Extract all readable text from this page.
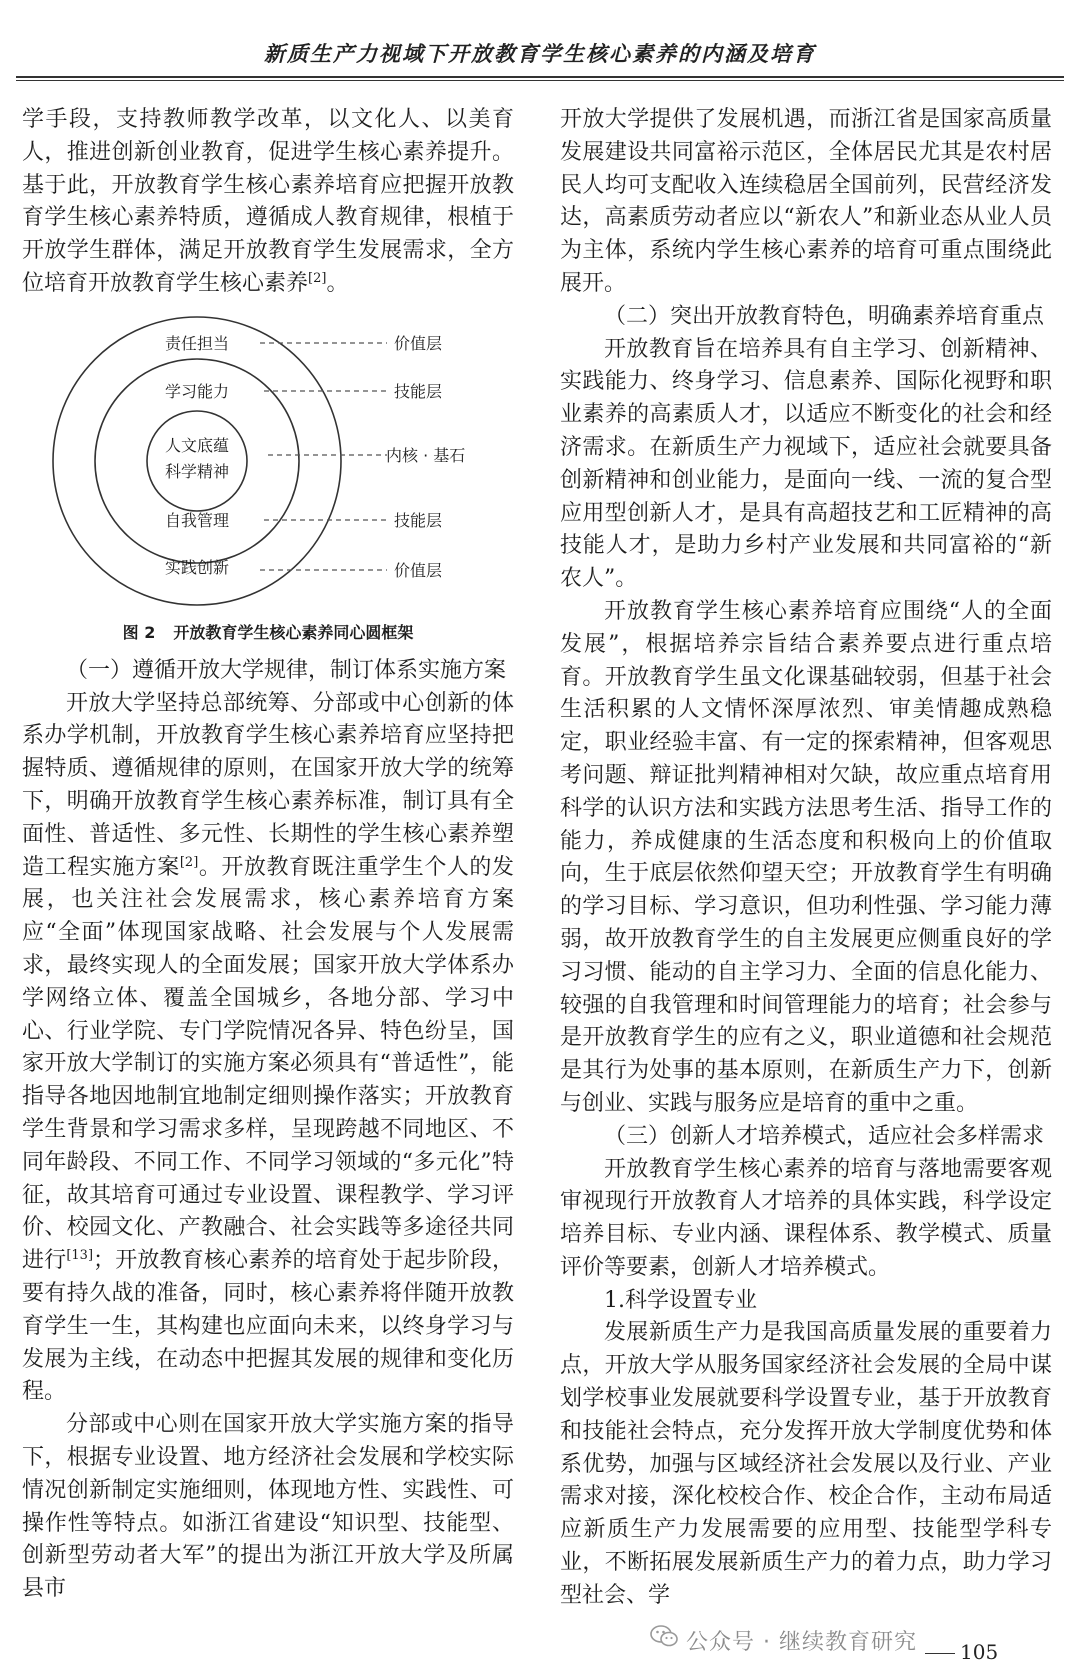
新质生产力视域下开放教育学生核心素养的内涵及培育

学手段，支持教师教学改革，以文化人、以美育人，推进创新创业教育，促进学生核心素养提升。基于此，开放教育学生核心素养培育应把握开放教育学生核心素养特质，遵循成人教育规律，根植于开放学生群体，满足开放教育学生发展需求，全方位培育开放教育学生核心素养[2]。

责任担当
学习能力
人文底蕴
科学精神
自我管理
实践创新
价值层
技能层
内核 · 基石
技能层
价值层

图 2 开放教育学生核心素养同心圆框架

（一）遵循开放大学规律，制订体系实施方案

开放大学坚持总部统筹、分部或中心创新的体系办学机制，开放教育学生核心素养培育应坚持把握特质、遵循规律的原则，在国家开放大学的统筹下，明确开放教育学生核心素养标准，制订具有全面性、普适性、多元性、长期性的学生核心素养塑造工程实施方案[2]。开放教育既注重学生个人的发展，也关注社会发展需求，核心素养培育方案应“全面”体现国家战略、社会发展与个人发展需求，最终实现人的全面发展；国家开放大学体系办学网络立体、覆盖全国城乡，各地分部、学习中心、行业学院、专门学院情况各异、特色纷呈，国家开放大学制订的实施方案必须具有“普适性”，能指导各地因地制宜地制定细则操作落实；开放教育学生背景和学习需求多样，呈现跨越不同地区、不同年龄段、不同工作、不同学习领域的“多元化”特征，故其培育可通过专业设置、课程教学、学习评价、校园文化、产教融合、社会实践等多途径共同进行[13]；开放教育核心素养的培育处于起步阶段，要有持久战的准备，同时，核心素养将伴随开放教育学生一生，其构建也应面向未来，以终身学习与发展为主线，在动态中把握其发展的规律和变化历程。

分部或中心则在国家开放大学实施方案的指导下，根据专业设置、地方经济社会发展和学校实际情况创新制定实施细则，体现地方性、实践性、可操作性等特点。如浙江省建设“知识型、技能型、创新型劳动者大军”的提出为浙江开放大学及所属县市

开放大学提供了发展机遇，而浙江省是国家高质量发展建设共同富裕示范区，全体居民尤其是农村居民人均可支配收入连续稳居全国前列，民营经济发达，高素质劳动者应以“新农人”和新业态从业人员为主体，系统内学生核心素养的培育可重点围绕此展开。

（二）突出开放教育特色，明确素养培育重点

开放教育旨在培养具有自主学习、创新精神、实践能力、终身学习、信息素养、国际化视野和职业素养的高素质人才，以适应不断变化的社会和经济需求。在新质生产力视域下，适应社会就要具备创新精神和创业能力，是面向一线、一流的复合型应用型创新人才，是具有高超技艺和工匠精神的高技能人才，是助力乡村产业发展和共同富裕的“新农人”。

开放教育学生核心素养培育应围绕“人的全面发展”，根据培养宗旨结合素养要点进行重点培育。开放教育学生虽文化课基础较弱，但基于社会生活积累的人文情怀深厚浓烈、审美情趣成熟稳定，职业经验丰富、有一定的探索精神，但客观思考问题、辩证批判精神相对欠缺，故应重点培育用科学的认识方法和实践方法思考生活、指导工作的能力，养成健康的生活态度和积极向上的价值取向，生于底层依然仰望天空；开放教育学生有明确的学习目标、学习意识，但功利性强、学习能力薄弱，故开放教育学生的自主发展更应侧重良好的学习习惯、能动的自主学习力、全面的信息化能力、较强的自我管理和时间管理能力的培育；社会参与是开放教育学生的应有之义，职业道德和社会规范是其行为处事的基本原则，在新质生产力下，创新与创业、实践与服务应是培育的重中之重。

（三）创新人才培养模式，适应社会多样需求

开放教育学生核心素养的培育与落地需要客观审视现行开放教育人才培养的具体实践，科学设定培养目标、专业内涵、课程体系、教学模式、质量评价等要素，创新人才培养模式。

1.科学设置专业

发展新质生产力是我国高质量发展的重要着力点，开放大学从服务国家经济社会发展的全局中谋划学校事业发展就要科学设置专业，基于开放教育和技能社会特点，充分发挥开放大学制度优势和体系优势，加强与区域经济社会发展以及行业、产业需求对接，深化校校合作、校企合作，主动布局适应新质生产力发展需要的应用型、技能型学科专业，不断拓展发展新质生产力的着力点，助力学习型社会、学

公众号 · 继续教育研究 105
